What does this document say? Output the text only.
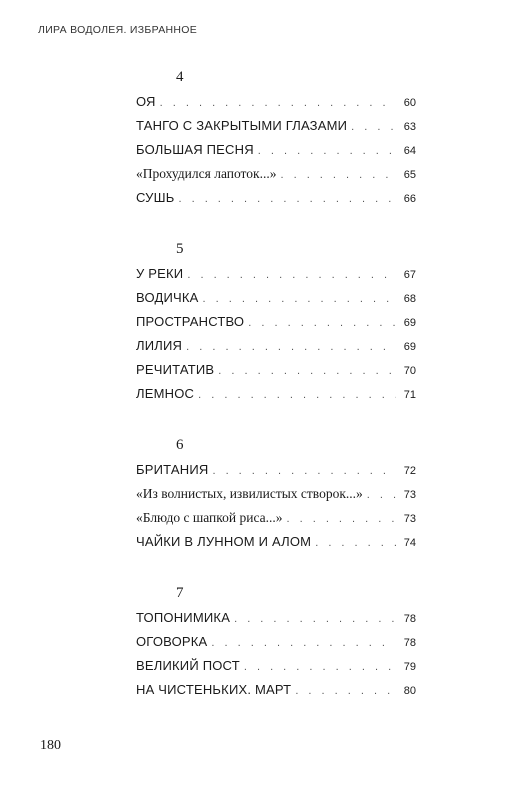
ЛИРА ВОДОЛЕЯ. ИЗБРАННОЕ
4
ОЯ . . .	60
ТАНГО С ЗАКРЫТЫМИ ГЛАЗАМИ . . .	63
БОЛЬШАЯ ПЕСНЯ . . .	64
«Прохудился лапоток...» . . .	65
СУШЬ . . .	66
5
У РЕКИ . . .	67
ВОДИЧКА . . .	68
ПРОСТРАНСТВО . . .	69
ЛИЛИЯ . . .	69
РЕЧИТАТИВ . . .	70
ЛЕМНОС . . .	71
6
БРИТАНИЯ . . .	72
«Из волнистых, извилистых створок...» . . .	73
«Блюдо с шапкой риса...» . . .	73
ЧАЙКИ В ЛУННОМ И АЛОМ . . .	74
7
ТОПОНИМИКА . . .	78
ОГОВОРКА . . .	78
ВЕЛИКИЙ ПОСТ . . .	79
НА ЧИСТЕНЬКИХ. МАРТ . . .	80
180
